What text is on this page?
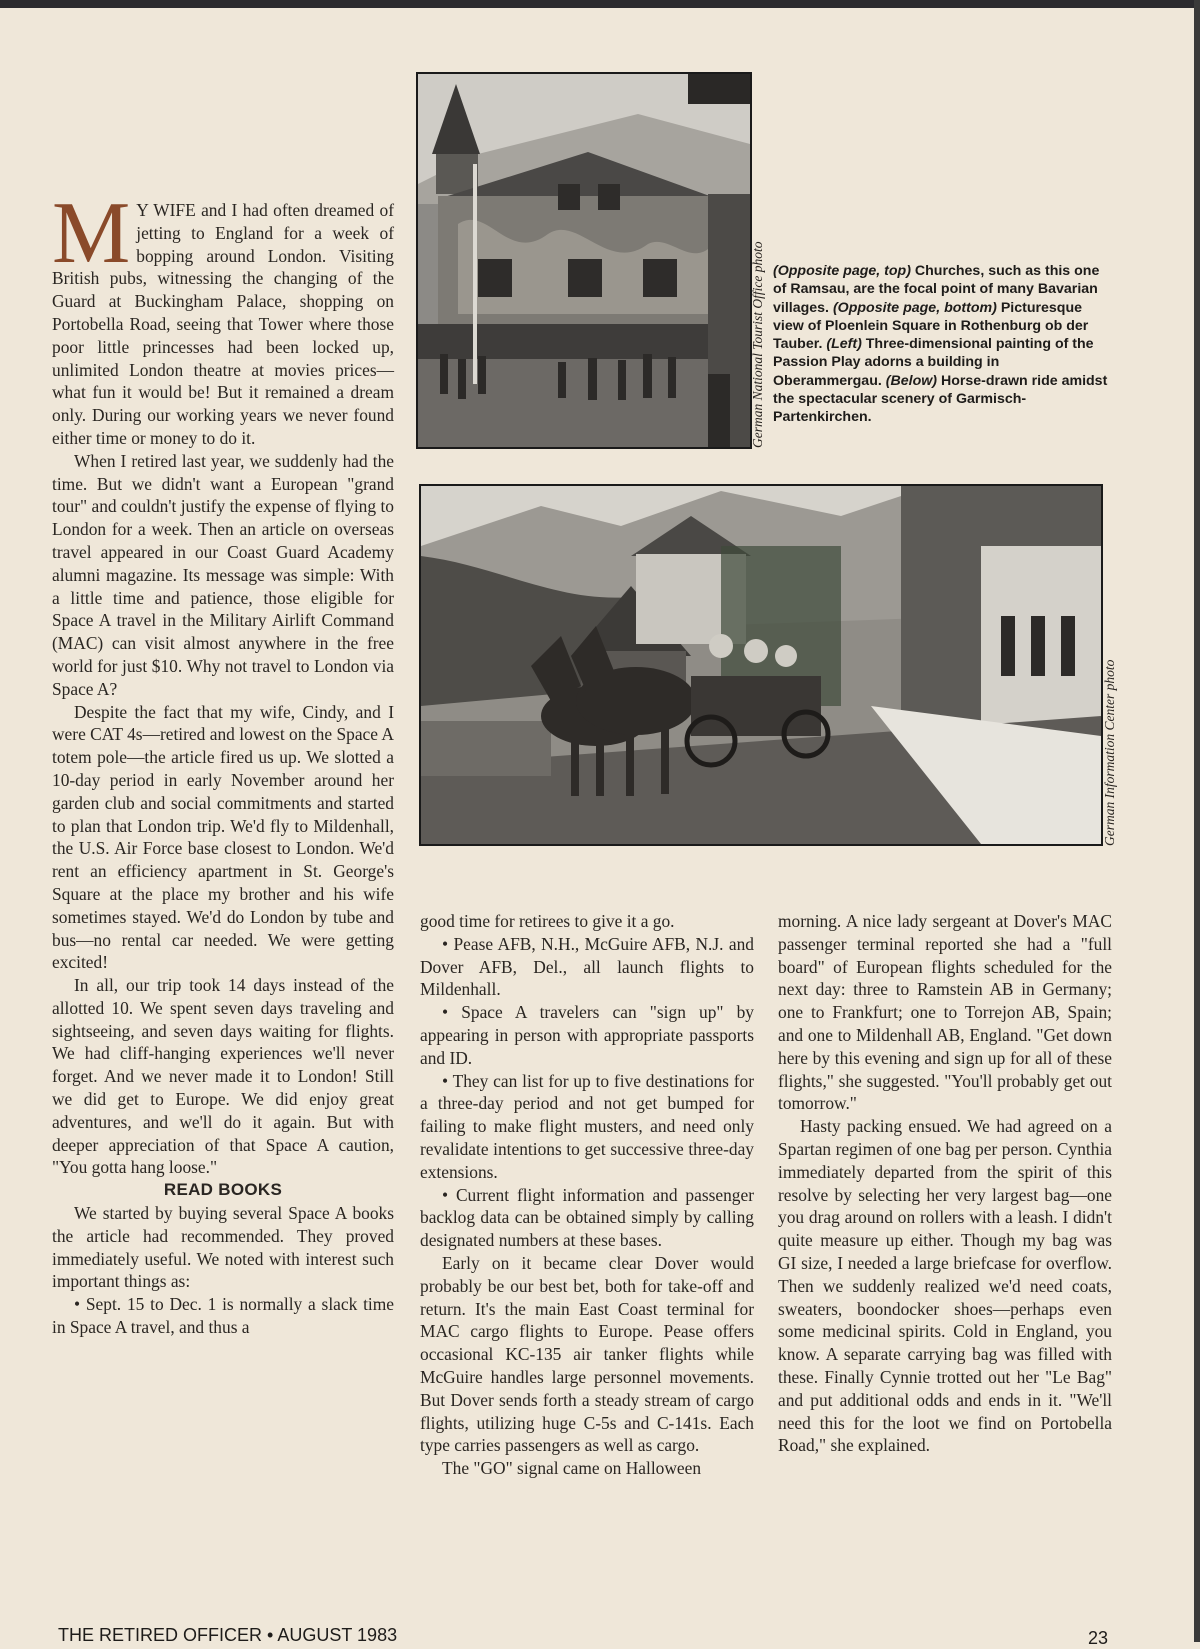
German National Tourist Office photo (Opposite page, top) Churches, such as this one of Ramsau, are the focal point of many Bavarian villages. (Opposite page, bottom) Picturesque view of Ploenlein Square in Rothenburg ob der Tauber. (Left) Three-dimensional painting of the Passion Play adorns a building in Oberammergau. (Below) Horse-drawn ride amidst the spectacular scenery of Garmisch-Partenkirchen.
German Information Center photo

M Y WIFE and I had often dreamed of jetting to England for a week of bopping around London. Visiting British pubs, witnessing the changing of the Guard at Buckingham Palace, shopping on Portobella Road, seeing that Tower where those poor little princesses had been locked up, unlimited London theatre at movies prices—what fun it would be! But it remained a dream only. During our working years we never found either time or money to do it.

When I retired last year, we suddenly had the time. But we didn't want a European "grand tour" and couldn't justify the expense of flying to London for a week. Then an article on overseas travel appeared in our Coast Guard Academy alumni magazine. Its message was simple: With a little time and patience, those eligible for Space A travel in the Military Airlift Command (MAC) can visit almost anywhere in the free world for just $10. Why not travel to London via Space A?

Despite the fact that my wife, Cindy, and I were CAT 4s—retired and lowest on the Space A totem pole—the article fired us up. We slotted a 10-day period in early November around her garden club and social commitments and started to plan that London trip. We'd fly to Mildenhall, the U.S. Air Force base closest to London. We'd rent an efficiency apartment in St. George's Square at the place my brother and his wife sometimes stayed. We'd do London by tube and bus—no rental car needed. We were getting excited!

In all, our trip took 14 days instead of the allotted 10. We spent seven days traveling and sightseeing, and seven days waiting for flights. We had cliff-hanging experiences we'll never forget. And we never made it to London! Still we did get to Europe. We did enjoy great adventures, and we'll do it again. But with deeper appreciation of that Space A caution, "You gotta hang loose."

READ BOOKS

We started by buying several Space A books the article had recommended. They proved immediately useful. We noted with interest such important things as:

• Sept. 15 to Dec. 1 is normally a slack time in Space A travel, and thus a

good time for retirees to give it a go.

• Pease AFB, N.H., McGuire AFB, N.J. and Dover AFB, Del., all launch flights to Mildenhall.

• Space A travelers can "sign up" by appearing in person with appropriate passports and ID.

• They can list for up to five destinations for a three-day period and not get bumped for failing to make flight musters, and need only revalidate intentions to get successive three-day extensions.

• Current flight information and passenger backlog data can be obtained simply by calling designated numbers at these bases.

Early on it became clear Dover would probably be our best bet, both for take-off and return. It's the main East Coast terminal for MAC cargo flights to Europe. Pease offers occasional KC-135 air tanker flights while McGuire handles large personnel movements. But Dover sends forth a steady stream of cargo flights, utilizing huge C-5s and C-141s. Each type carries passengers as well as cargo.

The "GO" signal came on Halloween

morning. A nice lady sergeant at Dover's MAC passenger terminal reported she had a "full board" of European flights scheduled for the next day: three to Ramstein AB in Germany; one to Frankfurt; one to Torrejon AB, Spain; and one to Mildenhall AB, England. "Get down here by this evening and sign up for all of these flights," she suggested. "You'll probably get out tomorrow."

Hasty packing ensued. We had agreed on a Spartan regimen of one bag per person. Cynthia immediately departed from the spirit of this resolve by selecting her very largest bag—one you drag around on rollers with a leash. I didn't quite measure up either. Though my bag was GI size, I needed a large briefcase for overflow. Then we suddenly realized we'd need coats, sweaters, boondocker shoes—perhaps even some medicinal spirits. Cold in England, you know. A separate carrying bag was filled with these. Finally Cynnie trotted out her "Le Bag" and put additional odds and ends in it. "We'll need this for the loot we find on Portobella Road," she explained.

THE RETIRED OFFICER • AUGUST 1983	23
